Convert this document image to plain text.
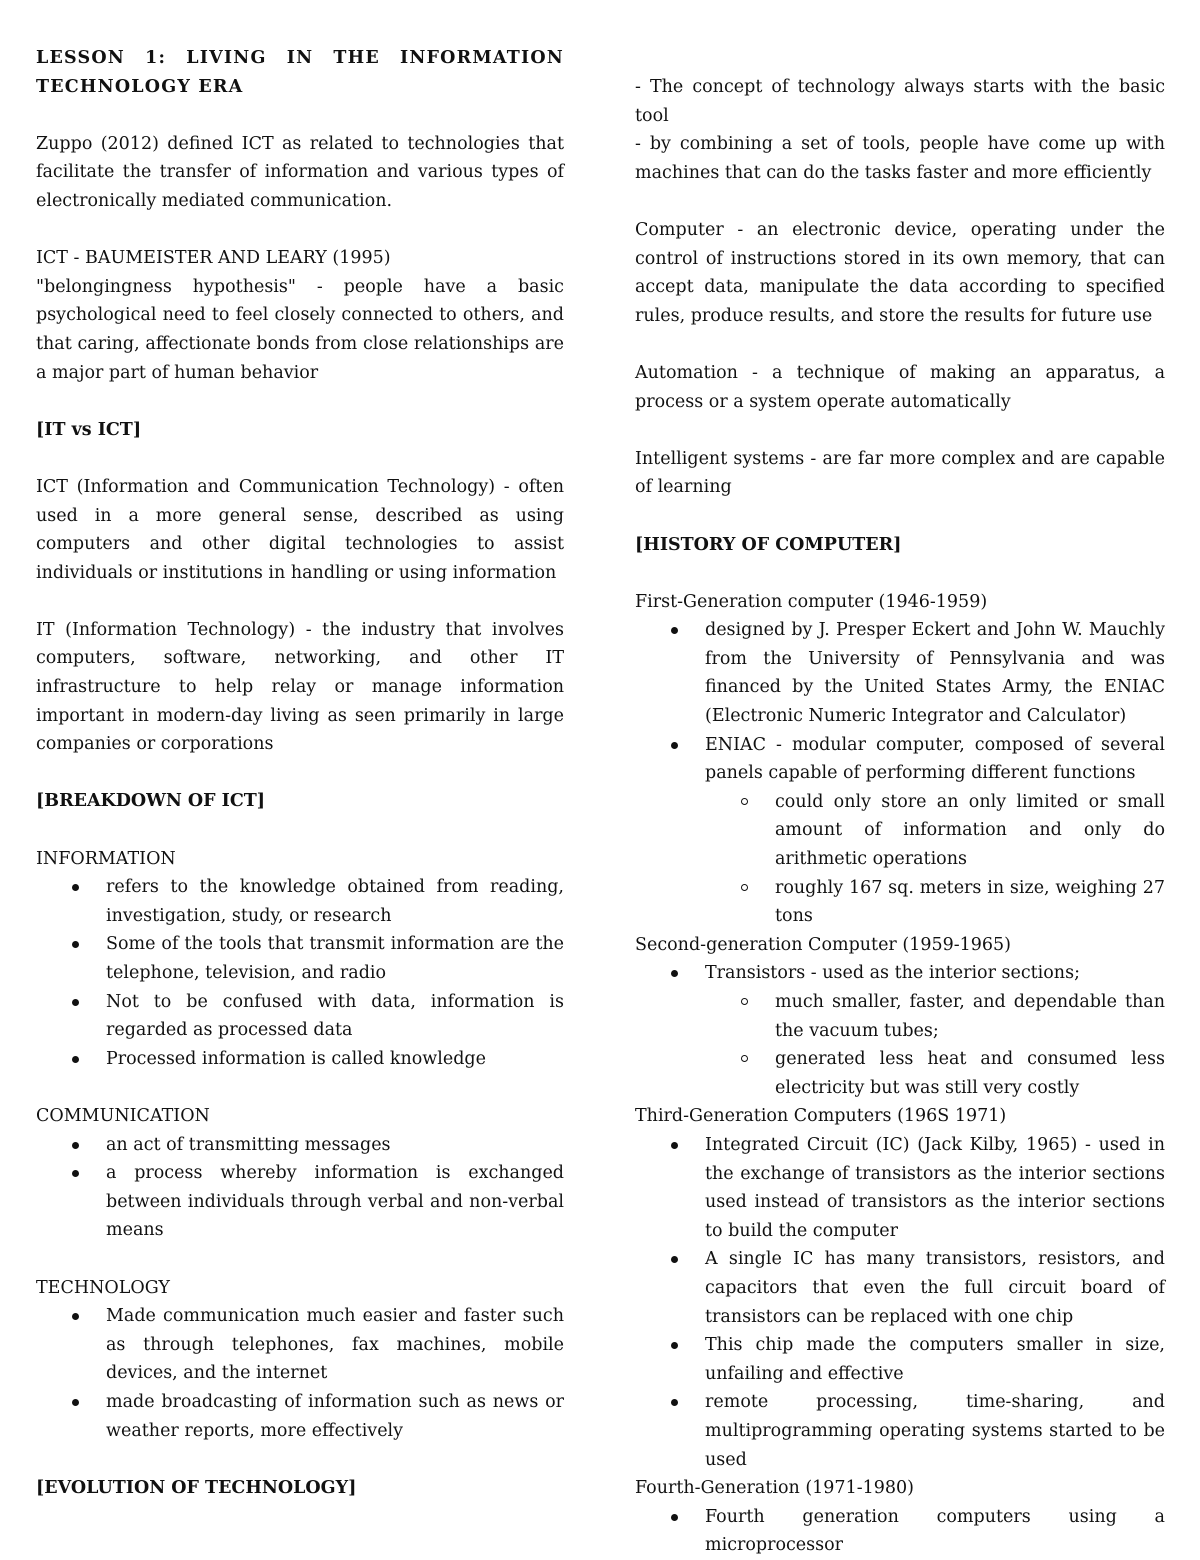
LESSON 1: LIVING IN THE INFORMATION TECHNOLOGY ERA

Zuppo (2012) defined ICT as related to technologies that facilitate the transfer of information and various types of electronically mediated communication.

ICT - BAUMEISTER AND LEARY (1995)

"belongingness hypothesis" - people have a basic psychological need to feel closely connected to others, and that caring, affectionate bonds from close relationships are a major part of human behavior

[IT vs ICT]

ICT (Information and Communication Technology) - often used in a more general sense, described as using computers and other digital technologies to assist individuals or institutions in handling or using information

IT (Information Technology) - the industry that involves computers, software, networking, and other IT infrastructure to help relay or manage information important in modern-day living as seen primarily in large companies or corporations

[BREAKDOWN OF ICT]

INFORMATION

refers to the knowledge obtained from reading, investigation, study, or research
Some of the tools that transmit information are the telephone, television, and radio
Not to be confused with data, information is regarded as processed data
Processed information is called knowledge

COMMUNICATION

an act of transmitting messages
a process whereby information is exchanged between individuals through verbal and non-verbal means

TECHNOLOGY

Made communication much easier and faster such as through telephones, fax machines, mobile devices, and the internet
made broadcasting of information such as news or weather reports, more effectively

[EVOLUTION OF TECHNOLOGY]

- The concept of technology always starts with the basic tool

- by combining a set of tools, people have come up with machines that can do the tasks faster and more efficiently

Computer - an electronic device, operating under the control of instructions stored in its own memory, that can accept data, manipulate the data according to specified rules, produce results, and store the results for future use

Automation - a technique of making an apparatus, a process or a system operate automatically

Intelligent systems - are far more complex and are capable of learning

[HISTORY OF COMPUTER]

First-Generation computer (1946-1959)

designed by J. Presper Eckert and John W. Mauchly from the University of Pennsylvania and was financed by the United States Army, the ENIAC (Electronic Numeric Integrator and Calculator)
ENIAC - modular computer, composed of several panels capable of performing different functions
could only store an only limited or small amount of information and only do arithmetic operations
roughly 167 sq. meters in size, weighing 27 tons

Second-generation Computer (1959-1965)

Transistors - used as the interior sections;
much smaller, faster, and dependable than the vacuum tubes;
generated less heat and consumed less electricity but was still very costly

Third-Generation Computers (196S 1971)

Integrated Circuit (IC) (Jack Kilby, 1965) - used in the exchange of transistors as the interior sections used instead of transistors as the interior sections to build the computer
A single IC has many transistors, resistors, and capacitors that even the full circuit board of transistors can be replaced with one chip
This chip made the computers smaller in size, unfailing and effective
remote processing, time-sharing, and multiprogramming operating systems started to be used

Fourth-Generation (1971-1980)

Fourth generation computers using a microprocessor
